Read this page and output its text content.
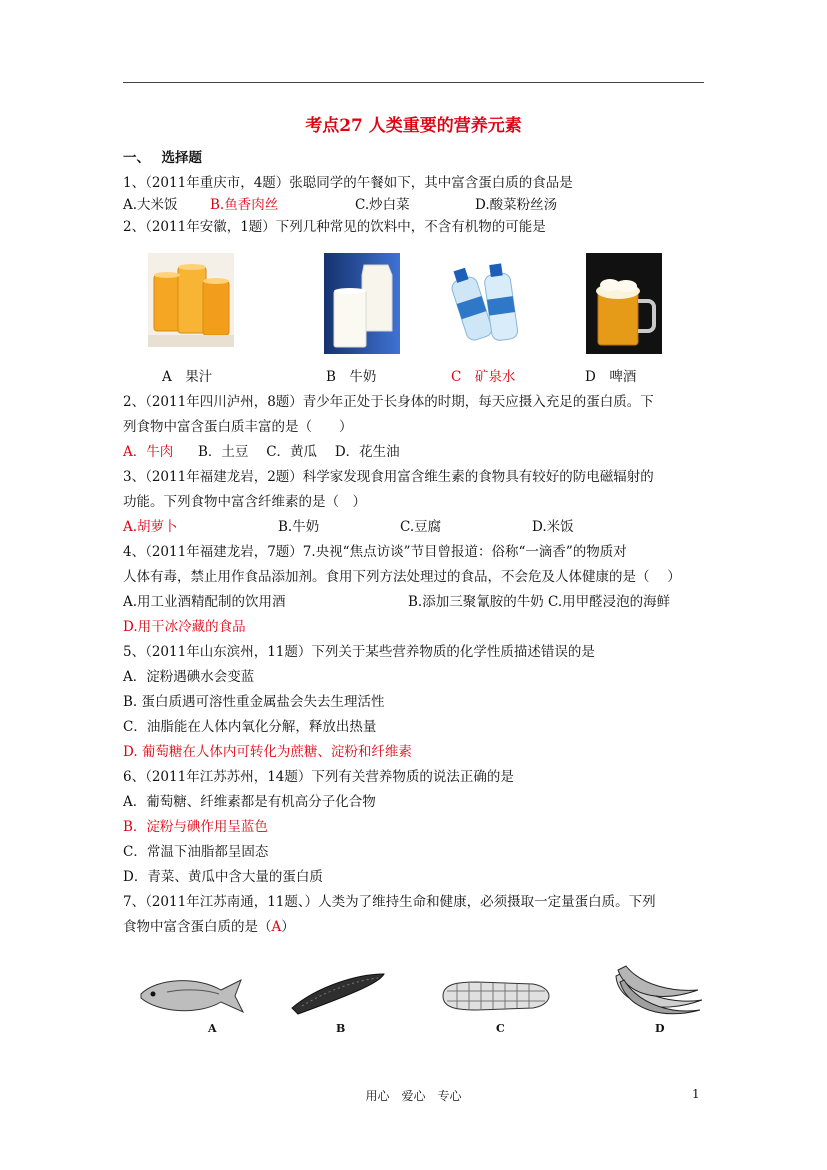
考点27 人类重要的营养元素
一、　 选择题
1、（2011年重庆市，4题）张聪同学的午餐如下，其中富含蛋白质的食品是
A.大米饭 B.鱼香肉丝	C.炒白菜	D.酸菜粉丝汤
2、（2011年安徽，1题）下列几种常见的饮料中，不含有机物的可能是
A　果汁	B　牛奶	C　矿泉水	D　啤酒
2、（2011年四川泸州，8题）青少年正处于长身体的时期，每天应摄入充足的蛋白质。下
列食物中富含蛋白质丰富的是（　　）
A．牛肉 B．土豆　 C．黄瓜　 D．花生油
3、（2011年福建龙岩，2题）科学家发现食用富含维生素的食物具有较好的防电磁辐射的
功能。下列食物中富含纤维素的是（　）
A.胡萝卜	B.牛奶	C.豆腐	D.米饭
4、（2011年福建龙岩，7题）7.央视“焦点访谈”节目曾报道：俗称“一滴香”的物质对
人体有毒，禁止用作食品添加剂。食用下列方法处理过的食品，不会危及人体健康的是（　 ）
A.用工业酒精配制的饮用酒	B.添加三聚氰胺的牛奶 C.用甲醛浸泡的海鲜
D.用干冰冷藏的食品
5、（2011年山东滨州，11题）下列关于某些营养物质的化学性质描述错误的是
A．淀粉遇碘水会变蓝
B. 蛋白质遇可溶性重金属盐会失去生理活性
C．油脂能在人体内氧化分解，释放出热量
D. 葡萄糖在人体内可转化为蔗糖、淀粉和纤维素
6、（2011年江苏苏州，14题）下列有关营养物质的说法正确的是
A．葡萄糖、纤维素都是有机高分子化合物
B．淀粉与碘作用呈蓝色
C．常温下油脂都呈固态
D．青菜、黄瓜中含大量的蛋白质
7、（2011年江苏南通，11题、）人类为了维持生命和健康，必须摄取一定量蛋白质。下列
食物中富含蛋白质的是（A）
A	B	C	D
用心　爱心　专心	1
